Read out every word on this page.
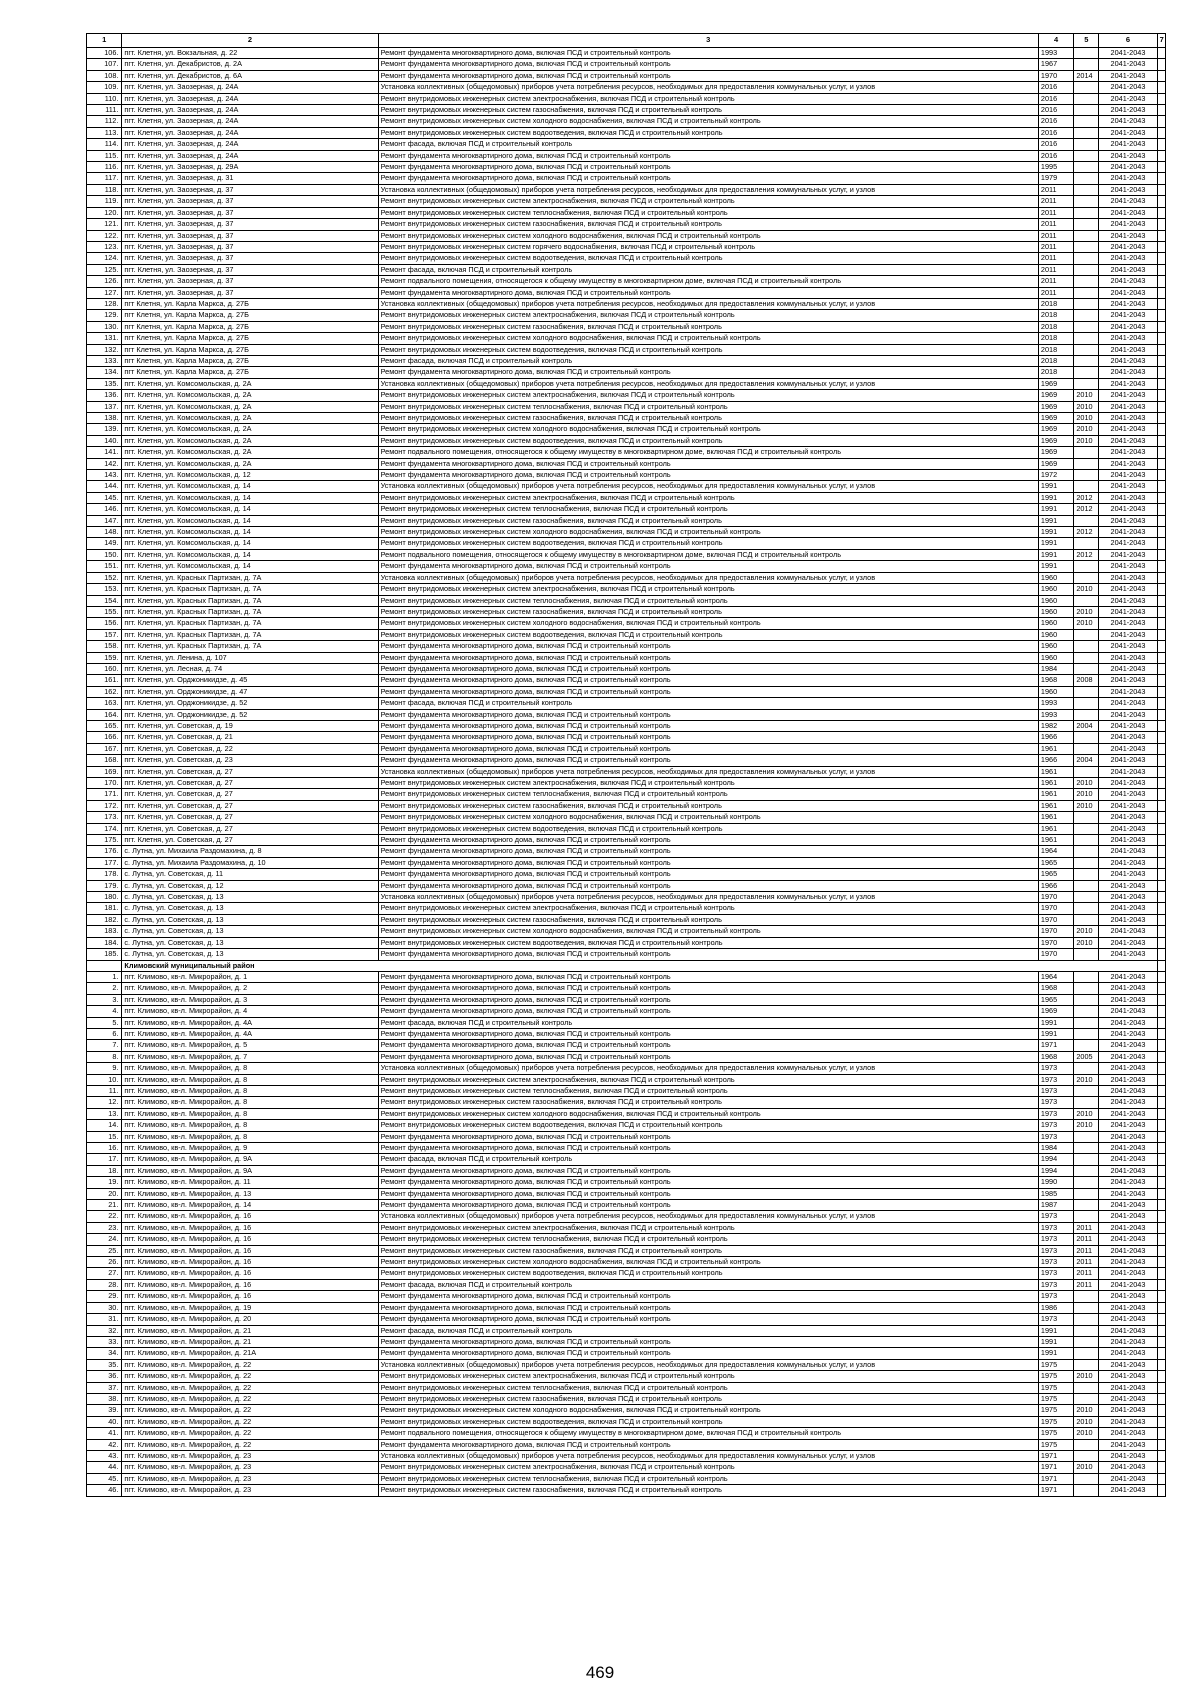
1	2	3	4	5	6	7
106.	пгт. Клетня, ул. Вокзальная, д. 22	Ремонт фундамента многоквартирного дома, включая ПСД и строительный контроль	1993		2041-2043	
107.	пгт. Клетня, ул. Декабристов, д. 2А	Ремонт фундамента многоквартирного дома, включая ПСД и строительный контроль	1967		2041-2043	
108.	пгт. Клетня, ул. Декабристов, д. 6А	Ремонт фундамента многоквартирного дома, включая ПСД и строительный контроль	1970	2014	2041-2043	
109.	пгт. Клетня, ул. Заозерная, д. 24А	Установка коллективных (общедомовых) приборов учета потребления ресурсов, необходимых для предоставления коммунальных услуг, и узлов	2016		2041-2043	
110.	пгт. Клетня, ул. Заозерная, д. 24А	Ремонт внутридомовых инженерных систем электроснабжения, включая ПСД и строительный контроль	2016		2041-2043	
111.	пгт. Клетня, ул. Заозерная, д. 24А	Ремонт внутридомовых инженерных систем газоснабжения, включая ПСД и строительный контроль	2016		2041-2043	
112.	пгт. Клетня, ул. Заозерная, д. 24А	Ремонт внутридомовых инженерных систем холодного водоснабжения, включая ПСД и строительный контроль	2016		2041-2043	
113.	пгт. Клетня, ул. Заозерная, д. 24А	Ремонт внутридомовых инженерных систем водоотведения, включая ПСД и строительный контроль	2016		2041-2043	
114.	пгт. Клетня, ул. Заозерная, д. 24А	Ремонт фасада, включая ПСД и строительный контроль	2016		2041-2043	
115.	пгт. Клетня, ул. Заозерная, д. 24А	Ремонт фундамента многоквартирного дома, включая ПСД и строительный контроль	2016		2041-2043	
116.	пгт. Клетня, ул. Заозерная, д. 29А	Ремонт фундамента многоквартирного дома, включая ПСД и строительный контроль	1995		2041-2043	
117.	пгт. Клетня, ул. Заозерная, д. 31	Ремонт фундамента многоквартирного дома, включая ПСД и строительный контроль	1979		2041-2043	
118.	пгт. Клетня, ул. Заозерная, д. 37	Установка коллективных (общедомовых) приборов учета потребления ресурсов, необходимых для предоставления коммунальных услуг, и узлов	2011		2041-2043	
119.	пгт. Клетня, ул. Заозерная, д. 37	Ремонт внутридомовых инженерных систем электроснабжения, включая ПСД и строительный контроль	2011		2041-2043	
120.	пгт. Клетня, ул. Заозерная, д. 37	Ремонт внутридомовых инженерных систем теплоснабжения, включая ПСД и строительный контроль	2011		2041-2043	
121.	пгт. Клетня, ул. Заозерная, д. 37	Ремонт внутридомовых инженерных систем газоснабжения, включая ПСД и строительный контроль	2011		2041-2043	
122.	пгт. Клетня, ул. Заозерная, д. 37	Ремонт внутридомовых инженерных систем холодного водоснабжения, включая ПСД и строительный контроль	2011		2041-2043	
123.	пгт. Клетня, ул. Заозерная, д. 37	Ремонт внутридомовых инженерных систем горячего водоснабжения, включая ПСД и строительный контроль	2011		2041-2043	
124.	пгт. Клетня, ул. Заозерная, д. 37	Ремонт внутридомовых инженерных систем водоотведения, включая ПСД и строительный контроль	2011		2041-2043	
125.	пгт. Клетня, ул. Заозерная, д. 37	Ремонт фасада, включая ПСД и строительный контроль	2011		2041-2043	
126.	пгт. Клетня, ул. Заозерная, д. 37	Ремонт подвального помещения, относящегося к общему имуществу в многоквартирном доме, включая ПСД и строительный контроль	2011		2041-2043	
127.	пгт. Клетня, ул. Заозерная, д. 37	Ремонт фундамента многоквартирного дома, включая ПСД и строительный контроль	2011		2041-2043	
128.	пгт Клетня, ул. Карла Маркса, д. 27Б	Установка коллективных (общедомовых) приборов учета потребления ресурсов, необходимых для предоставления коммунальных услуг, и узлов	2018		2041-2043	
129.	пгт Клетня, ул. Карла Маркса, д. 27Б	Ремонт внутридомовых инженерных систем электроснабжения, включая ПСД и строительный контроль	2018		2041-2043	
130.	пгт Клетня, ул. Карла Маркса, д. 27Б	Ремонт внутридомовых инженерных систем газоснабжения, включая ПСД и строительный контроль	2018		2041-2043	
131.	пгт Клетня, ул. Карла Маркса, д. 27Б	Ремонт внутридомовых инженерных систем холодного водоснабжения, включая ПСД и строительный контроль	2018		2041-2043	
132.	пгт Клетня, ул. Карла Маркса, д. 27Б	Ремонт внутридомовых инженерных систем водоотведения, включая ПСД и строительный контроль	2018		2041-2043	
133.	пгт Клетня, ул. Карла Маркса, д. 27Б	Ремонт фасада, включая ПСД и строительный контроль	2018		2041-2043	
134.	пгт Клетня, ул. Карла Маркса, д. 27Б	Ремонт фундамента многоквартирного дома, включая ПСД и строительный контроль	2018		2041-2043	
135.	пгт. Клетня, ул. Комсомольская, д. 2А	Установка коллективных (общедомовых) приборов учета потребления ресурсов, необходимых для предоставления коммунальных услуг, и узлов	1969		2041-2043	
136.	пгт. Клетня, ул. Комсомольская, д. 2А	Ремонт внутридомовых инженерных систем электроснабжения, включая ПСД и строительный контроль	1969	2010	2041-2043	
137.	пгт. Клетня, ул. Комсомольская, д. 2А	Ремонт внутридомовых инженерных систем теплоснабжения, включая ПСД и строительный контроль	1969	2010	2041-2043	
138.	пгт. Клетня, ул. Комсомольская, д. 2А	Ремонт внутридомовых инженерных систем газоснабжения, включая ПСД и строительный контроль	1969	2010	2041-2043	
139.	пгт. Клетня, ул. Комсомольская, д. 2А	Ремонт внутридомовых инженерных систем холодного водоснабжения, включая ПСД и строительный контроль	1969	2010	2041-2043	
140.	пгт. Клетня, ул. Комсомольская, д. 2А	Ремонт внутридомовых инженерных систем водоотведения, включая ПСД и строительный контроль	1969	2010	2041-2043	
141.	пгт. Клетня, ул. Комсомольская, д. 2А	Ремонт подвального помещения, относящегося к общему имуществу в многоквартирном доме, включая ПСД и строительный контроль	1969		2041-2043	
142.	пгт. Клетня, ул. Комсомольская, д. 2А	Ремонт фундамента многоквартирного дома, включая ПСД и строительный контроль	1969		2041-2043	
143.	пгт. Клетня, ул. Комсомольская, д. 12	Ремонт фундамента многоквартирного дома, включая ПСД и строительный контроль	1972		2041-2043	
144.	пгт. Клетня, ул. Комсомольская, д. 14	Установка коллективных (общедомовых) приборов учета потребления ресурсов, необходимых для предоставления коммунальных услуг, и узлов	1991		2041-2043	
145.	пгт. Клетня, ул. Комсомольская, д. 14	Ремонт внутридомовых инженерных систем электроснабжения, включая ПСД и строительный контроль	1991	2012	2041-2043	
146.	пгт. Клетня, ул. Комсомольская, д. 14	Ремонт внутридомовых инженерных систем теплоснабжения, включая ПСД и строительный контроль	1991	2012	2041-2043	
147.	пгт. Клетня, ул. Комсомольская, д. 14	Ремонт внутридомовых инженерных систем газоснабжения, включая ПСД и строительный контроль	1991		2041-2043	
148.	пгт. Клетня, ул. Комсомольская, д. 14	Ремонт внутридомовых инженерных систем холодного водоснабжения, включая ПСД и строительный контроль	1991	2012	2041-2043	
149.	пгт. Клетня, ул. Комсомольская, д. 14	Ремонт внутридомовых инженерных систем водоотведения, включая ПСД и строительный контроль	1991		2041-2043	
150.	пгт. Клетня, ул. Комсомольская, д. 14	Ремонт подвального помещения, относящегося к общему имуществу в многоквартирном доме, включая ПСД и строительный контроль	1991	2012	2041-2043	
151.	пгт. Клетня, ул. Комсомольская, д. 14	Ремонт фундамента многоквартирного дома, включая ПСД и строительный контроль	1991		2041-2043	
152.	пгт. Клетня, ул. Красных Партизан, д. 7А	Установка коллективных (общедомовых) приборов учета потребления ресурсов, необходимых для предоставления коммунальных услуг, и узлов	1960		2041-2043	
153.	пгт. Клетня, ул. Красных Партизан, д. 7А	Ремонт внутридомовых инженерных систем электроснабжения, включая ПСД и строительный контроль	1960	2010	2041-2043	
154.	пгт. Клетня, ул. Красных Партизан, д. 7А	Ремонт внутридомовых инженерных систем теплоснабжения, включая ПСД и строительный контроль	1960		2041-2043	
155.	пгт. Клетня, ул. Красных Партизан, д. 7А	Ремонт внутридомовых инженерных систем газоснабжения, включая ПСД и строительный контроль	1960	2010	2041-2043	
156.	пгт. Клетня, ул. Красных Партизан, д. 7А	Ремонт внутридомовых инженерных систем холодного водоснабжения, включая ПСД и строительный контроль	1960	2010	2041-2043	
157.	пгт. Клетня, ул. Красных Партизан, д. 7А	Ремонт внутридомовых инженерных систем водоотведения, включая ПСД и строительный контроль	1960		2041-2043	
158.	пгт. Клетня, ул. Красных Партизан, д. 7А	Ремонт фундамента многоквартирного дома, включая ПСД и строительный контроль	1960		2041-2043	
159.	пгт. Клетня, ул. Ленина, д. 107	Ремонт фундамента многоквартирного дома, включая ПСД и строительный контроль	1960		2041-2043	
160.	пгт. Клетня, ул. Лесная, д. 74	Ремонт фундамента многоквартирного дома, включая ПСД и строительный контроль	1984		2041-2043	
161.	пгт. Клетня, ул. Орджоникидзе, д. 45	Ремонт фундамента многоквартирного дома, включая ПСД и строительный контроль	1968	2008	2041-2043	
162.	пгт. Клетня, ул. Орджоникидзе, д. 47	Ремонт фундамента многоквартирного дома, включая ПСД и строительный контроль	1960		2041-2043	
163.	пгт. Клетня, ул. Орджоникидзе, д. 52	Ремонт фасада, включая ПСД и строительный контроль	1993		2041-2043	
164.	пгт. Клетня, ул. Орджоникидзе, д. 52	Ремонт фундамента многоквартирного дома, включая ПСД и строительный контроль	1993		2041-2043	
165.	пгт. Клетня, ул. Советская, д. 19	Ремонт фундамента многоквартирного дома, включая ПСД и строительный контроль	1982	2004	2041-2043	
166.	пгт. Клетня, ул. Советская, д. 21	Ремонт фундамента многоквартирного дома, включая ПСД и строительный контроль	1966		2041-2043	
167.	пгт. Клетня, ул. Советская, д. 22	Ремонт фундамента многоквартирного дома, включая ПСД и строительный контроль	1961		2041-2043	
168.	пгт. Клетня, ул. Советская, д. 23	Ремонт фундамента многоквартирного дома, включая ПСД и строительный контроль	1966	2004	2041-2043	
169.	пгт. Клетня, ул. Советская, д. 27	Установка коллективных (общедомовых) приборов учета потребления ресурсов, необходимых для предоставления коммунальных услуг, и узлов	1961		2041-2043	
170.	пгт. Клетня, ул. Советская, д. 27	Ремонт внутридомовых инженерных систем электроснабжения, включая ПСД и строительный контроль	1961	2010	2041-2043	
171.	пгт. Клетня, ул. Советская, д. 27	Ремонт внутридомовых инженерных систем теплоснабжения, включая ПСД и строительный контроль	1961	2010	2041-2043	
172.	пгт. Клетня, ул. Советская, д. 27	Ремонт внутридомовых инженерных систем газоснабжения, включая ПСД и строительный контроль	1961	2010	2041-2043	
173.	пгт. Клетня, ул. Советская, д. 27	Ремонт внутридомовых инженерных систем холодного водоснабжения, включая ПСД и строительный контроль	1961		2041-2043	
174.	пгт. Клетня, ул. Советская, д. 27	Ремонт внутридомовых инженерных систем водоотведения, включая ПСД и строительный контроль	1961		2041-2043	
175.	пгт. Клетня, ул. Советская, д. 27	Ремонт фундамента многоквартирного дома, включая ПСД и строительный контроль	1961		2041-2043	
176.	с. Лутна, ул. Михаила Раздомахина, д. 8	Ремонт фундамента многоквартирного дома, включая ПСД и строительный контроль	1964		2041-2043	
177.	с. Лутна, ул. Михаила Раздомахина, д. 10	Ремонт фундамента многоквартирного дома, включая ПСД и строительный контроль	1965		2041-2043	
178.	с. Лутна, ул. Советская, д. 11	Ремонт фундамента многоквартирного дома, включая ПСД и строительный контроль	1965		2041-2043	
179.	с. Лутна, ул. Советская, д. 12	Ремонт фундамента многоквартирного дома, включая ПСД и строительный контроль	1966		2041-2043	
180.	с. Лутна, ул. Советская, д. 13	Установка коллективных (общедомовых) приборов учета потребления ресурсов, необходимых для предоставления коммунальных услуг, и узлов	1970		2041-2043	
181.	с. Лутна, ул. Советская, д. 13	Ремонт внутридомовых инженерных систем электроснабжения, включая ПСД и строительный контроль	1970		2041-2043	
182.	с. Лутна, ул. Советская, д. 13	Ремонт внутридомовых инженерных систем газоснабжения, включая ПСД и строительный контроль	1970		2041-2043	
183.	с. Лутна, ул. Советская, д. 13	Ремонт внутридомовых инженерных систем холодного водоснабжения, включая ПСД и строительный контроль	1970	2010	2041-2043	
184.	с. Лутна, ул. Советская, д. 13	Ремонт внутридомовых инженерных систем водоотведения, включая ПСД и строительный контроль	1970	2010	2041-2043	
185.	с. Лутна, ул. Советская, д. 13	Ремонт фундамента многоквартирного дома, включая ПСД и строительный контроль	1970		2041-2043	
	Климовский муниципальный район					
1.	пгт. Климово, кв-л. Микрорайон, д. 1	Ремонт фундамента многоквартирного дома, включая ПСД и строительный контроль	1964		2041-2043	
2.	пгт. Климово, кв-л. Микрорайон, д. 2	Ремонт фундамента многоквартирного дома, включая ПСД и строительный контроль	1968		2041-2043	
3.	пгт. Климово, кв-л. Микрорайон, д. 3	Ремонт фундамента многоквартирного дома, включая ПСД и строительный контроль	1965		2041-2043	
4.	пгт. Климово, кв-л. Микрорайон, д. 4	Ремонт фундамента многоквартирного дома, включая ПСД и строительный контроль	1969		2041-2043	
5.	пгт. Климово, кв-л. Микрорайон, д. 4А	Ремонт фасада, включая ПСД и строительный контроль	1991		2041-2043	
6.	пгт. Климово, кв-л. Микрорайон, д. 4А	Ремонт фундамента многоквартирного дома, включая ПСД и строительный контроль	1991		2041-2043	
7.	пгт. Климово, кв-л. Микрорайон, д. 5	Ремонт фундамента многоквартирного дома, включая ПСД и строительный контроль	1971		2041-2043	
8.	пгт. Климово, кв-л. Микрорайон, д. 7	Ремонт фундамента многоквартирного дома, включая ПСД и строительный контроль	1968	2005	2041-2043	
9.	пгт. Климово, кв-л. Микрорайон, д. 8	Установка коллективных (общедомовых) приборов учета потребления ресурсов, необходимых для предоставления коммунальных услуг, и узлов	1973		2041-2043	
10.	пгт. Климово, кв-л. Микрорайон, д. 8	Ремонт внутридомовых инженерных систем электроснабжения, включая ПСД и строительный контроль	1973	2010	2041-2043	
11.	пгт. Климово, кв-л. Микрорайон, д. 8	Ремонт внутридомовых инженерных систем теплоснабжения, включая ПСД и строительный контроль	1973		2041-2043	
12.	пгт. Климово, кв-л. Микрорайон, д. 8	Ремонт внутридомовых инженерных систем газоснабжения, включая ПСД и строительный контроль	1973		2041-2043	
13.	пгт. Климово, кв-л. Микрорайон, д. 8	Ремонт внутридомовых инженерных систем холодного водоснабжения, включая ПСД и строительный контроль	1973	2010	2041-2043	
14.	пгт. Климово, кв-л. Микрорайон, д. 8	Ремонт внутридомовых инженерных систем водоотведения, включая ПСД и строительный контроль	1973	2010	2041-2043	
15.	пгт. Климово, кв-л. Микрорайон, д. 8	Ремонт фундамента многоквартирного дома, включая ПСД и строительный контроль	1973		2041-2043	
16.	пгт. Климово, кв-л. Микрорайон, д. 9	Ремонт фундамента многоквартирного дома, включая ПСД и строительный контроль	1984		2041-2043	
17.	пгт. Климово, кв-л. Микрорайон, д. 9А	Ремонт фасада, включая ПСД и строительный контроль	1994		2041-2043	
18.	пгт. Климово, кв-л. Микрорайон, д. 9А	Ремонт фундамента многоквартирного дома, включая ПСД и строительный контроль	1994		2041-2043	
19.	пгт. Климово, кв-л. Микрорайон, д. 11	Ремонт фундамента многоквартирного дома, включая ПСД и строительный контроль	1990		2041-2043	
20.	пгт. Климово, кв-л. Микрорайон, д. 13	Ремонт фундамента многоквартирного дома, включая ПСД и строительный контроль	1985		2041-2043	
21.	пгт. Климово, кв-л. Микрорайон, д. 14	Ремонт фундамента многоквартирного дома, включая ПСД и строительный контроль	1987		2041-2043	
22.	пгт. Климово, кв-л. Микрорайон, д. 16	Установка коллективных (общедомовых) приборов учета потребления ресурсов, необходимых для предоставления коммунальных услуг, и узлов	1973		2041-2043	
23.	пгт. Климово, кв-л. Микрорайон, д. 16	Ремонт внутридомовых инженерных систем электроснабжения, включая ПСД и строительный контроль	1973	2011	2041-2043	
24.	пгт. Климово, кв-л. Микрорайон, д. 16	Ремонт внутридомовых инженерных систем теплоснабжения, включая ПСД и строительный контроль	1973	2011	2041-2043	
25.	пгт. Климово, кв-л. Микрорайон, д. 16	Ремонт внутридомовых инженерных систем газоснабжения, включая ПСД и строительный контроль	1973	2011	2041-2043	
26.	пгт. Климово, кв-л. Микрорайон, д. 16	Ремонт внутридомовых инженерных систем холодного водоснабжения, включая ПСД и строительный контроль	1973	2011	2041-2043	
27.	пгт. Климово, кв-л. Микрорайон, д. 16	Ремонт внутридомовых инженерных систем водоотведения, включая ПСД и строительный контроль	1973	2011	2041-2043	
28.	пгт. Климово, кв-л. Микрорайон, д. 16	Ремонт фасада, включая ПСД и строительный контроль	1973	2011	2041-2043	
29.	пгт. Климово, кв-л. Микрорайон, д. 16	Ремонт фундамента многоквартирного дома, включая ПСД и строительный контроль	1973		2041-2043	
30.	пгт. Климово, кв-л. Микрорайон, д. 19	Ремонт фундамента многоквартирного дома, включая ПСД и строительный контроль	1986		2041-2043	
31.	пгт. Климово, кв-л. Микрорайон, д. 20	Ремонт фундамента многоквартирного дома, включая ПСД и строительный контроль	1973		2041-2043	
32.	пгт. Климово, кв-л. Микрорайон, д. 21	Ремонт фасада, включая ПСД и строительный контроль	1991		2041-2043	
33.	пгт. Климово, кв-л. Микрорайон, д. 21	Ремонт фундамента многоквартирного дома, включая ПСД и строительный контроль	1991		2041-2043	
34.	пгт. Климово, кв-л. Микрорайон, д. 21А	Ремонт фундамента многоквартирного дома, включая ПСД и строительный контроль	1991		2041-2043	
35.	пгт. Климово, кв-л. Микрорайон, д. 22	Установка коллективных (общедомовых) приборов учета потребления ресурсов, необходимых для предоставления коммунальных услуг, и узлов	1975		2041-2043	
36.	пгт. Климово, кв-л. Микрорайон, д. 22	Ремонт внутридомовых инженерных систем электроснабжения, включая ПСД и строительный контроль	1975	2010	2041-2043	
37.	пгт. Климово, кв-л. Микрорайон, д. 22	Ремонт внутридомовых инженерных систем теплоснабжения, включая ПСД и строительный контроль	1975		2041-2043	
38.	пгт. Климово, кв-л. Микрорайон, д. 22	Ремонт внутридомовых инженерных систем газоснабжения, включая ПСД и строительный контроль	1975		2041-2043	
39.	пгт. Климово, кв-л. Микрорайон, д. 22	Ремонт внутридомовых инженерных систем холодного водоснабжения, включая ПСД и строительный контроль	1975	2010	2041-2043	
40.	пгт. Климово, кв-л. Микрорайон, д. 22	Ремонт внутридомовых инженерных систем водоотведения, включая ПСД и строительный контроль	1975	2010	2041-2043	
41.	пгт. Климово, кв-л. Микрорайон, д. 22	Ремонт подвального помещения, относящегося к общему имуществу в многоквартирном доме, включая ПСД и строительный контроль	1975	2010	2041-2043	
42.	пгт. Климово, кв-л. Микрорайон, д. 22	Ремонт фундамента многоквартирного дома, включая ПСД и строительный контроль	1975		2041-2043	
43.	пгт. Климово, кв-л. Микрорайон, д. 23	Установка коллективных (общедомовых) приборов учета потребления ресурсов, необходимых для предоставления коммунальных услуг, и узлов	1971		2041-2043	
44.	пгт. Климово, кв-л. Микрорайон, д. 23	Ремонт внутридомовых инженерных систем электроснабжения, включая ПСД и строительный контроль	1971	2010	2041-2043	
45.	пгт. Климово, кв-л. Микрорайон, д. 23	Ремонт внутридомовых инженерных систем теплоснабжения, включая ПСД и строительный контроль	1971		2041-2043	
46.	пгт. Климово, кв-л. Микрорайон, д. 23	Ремонт внутридомовых инженерных систем газоснабжения, включая ПСД и строительный контроль	1971		2041-2043	
469
